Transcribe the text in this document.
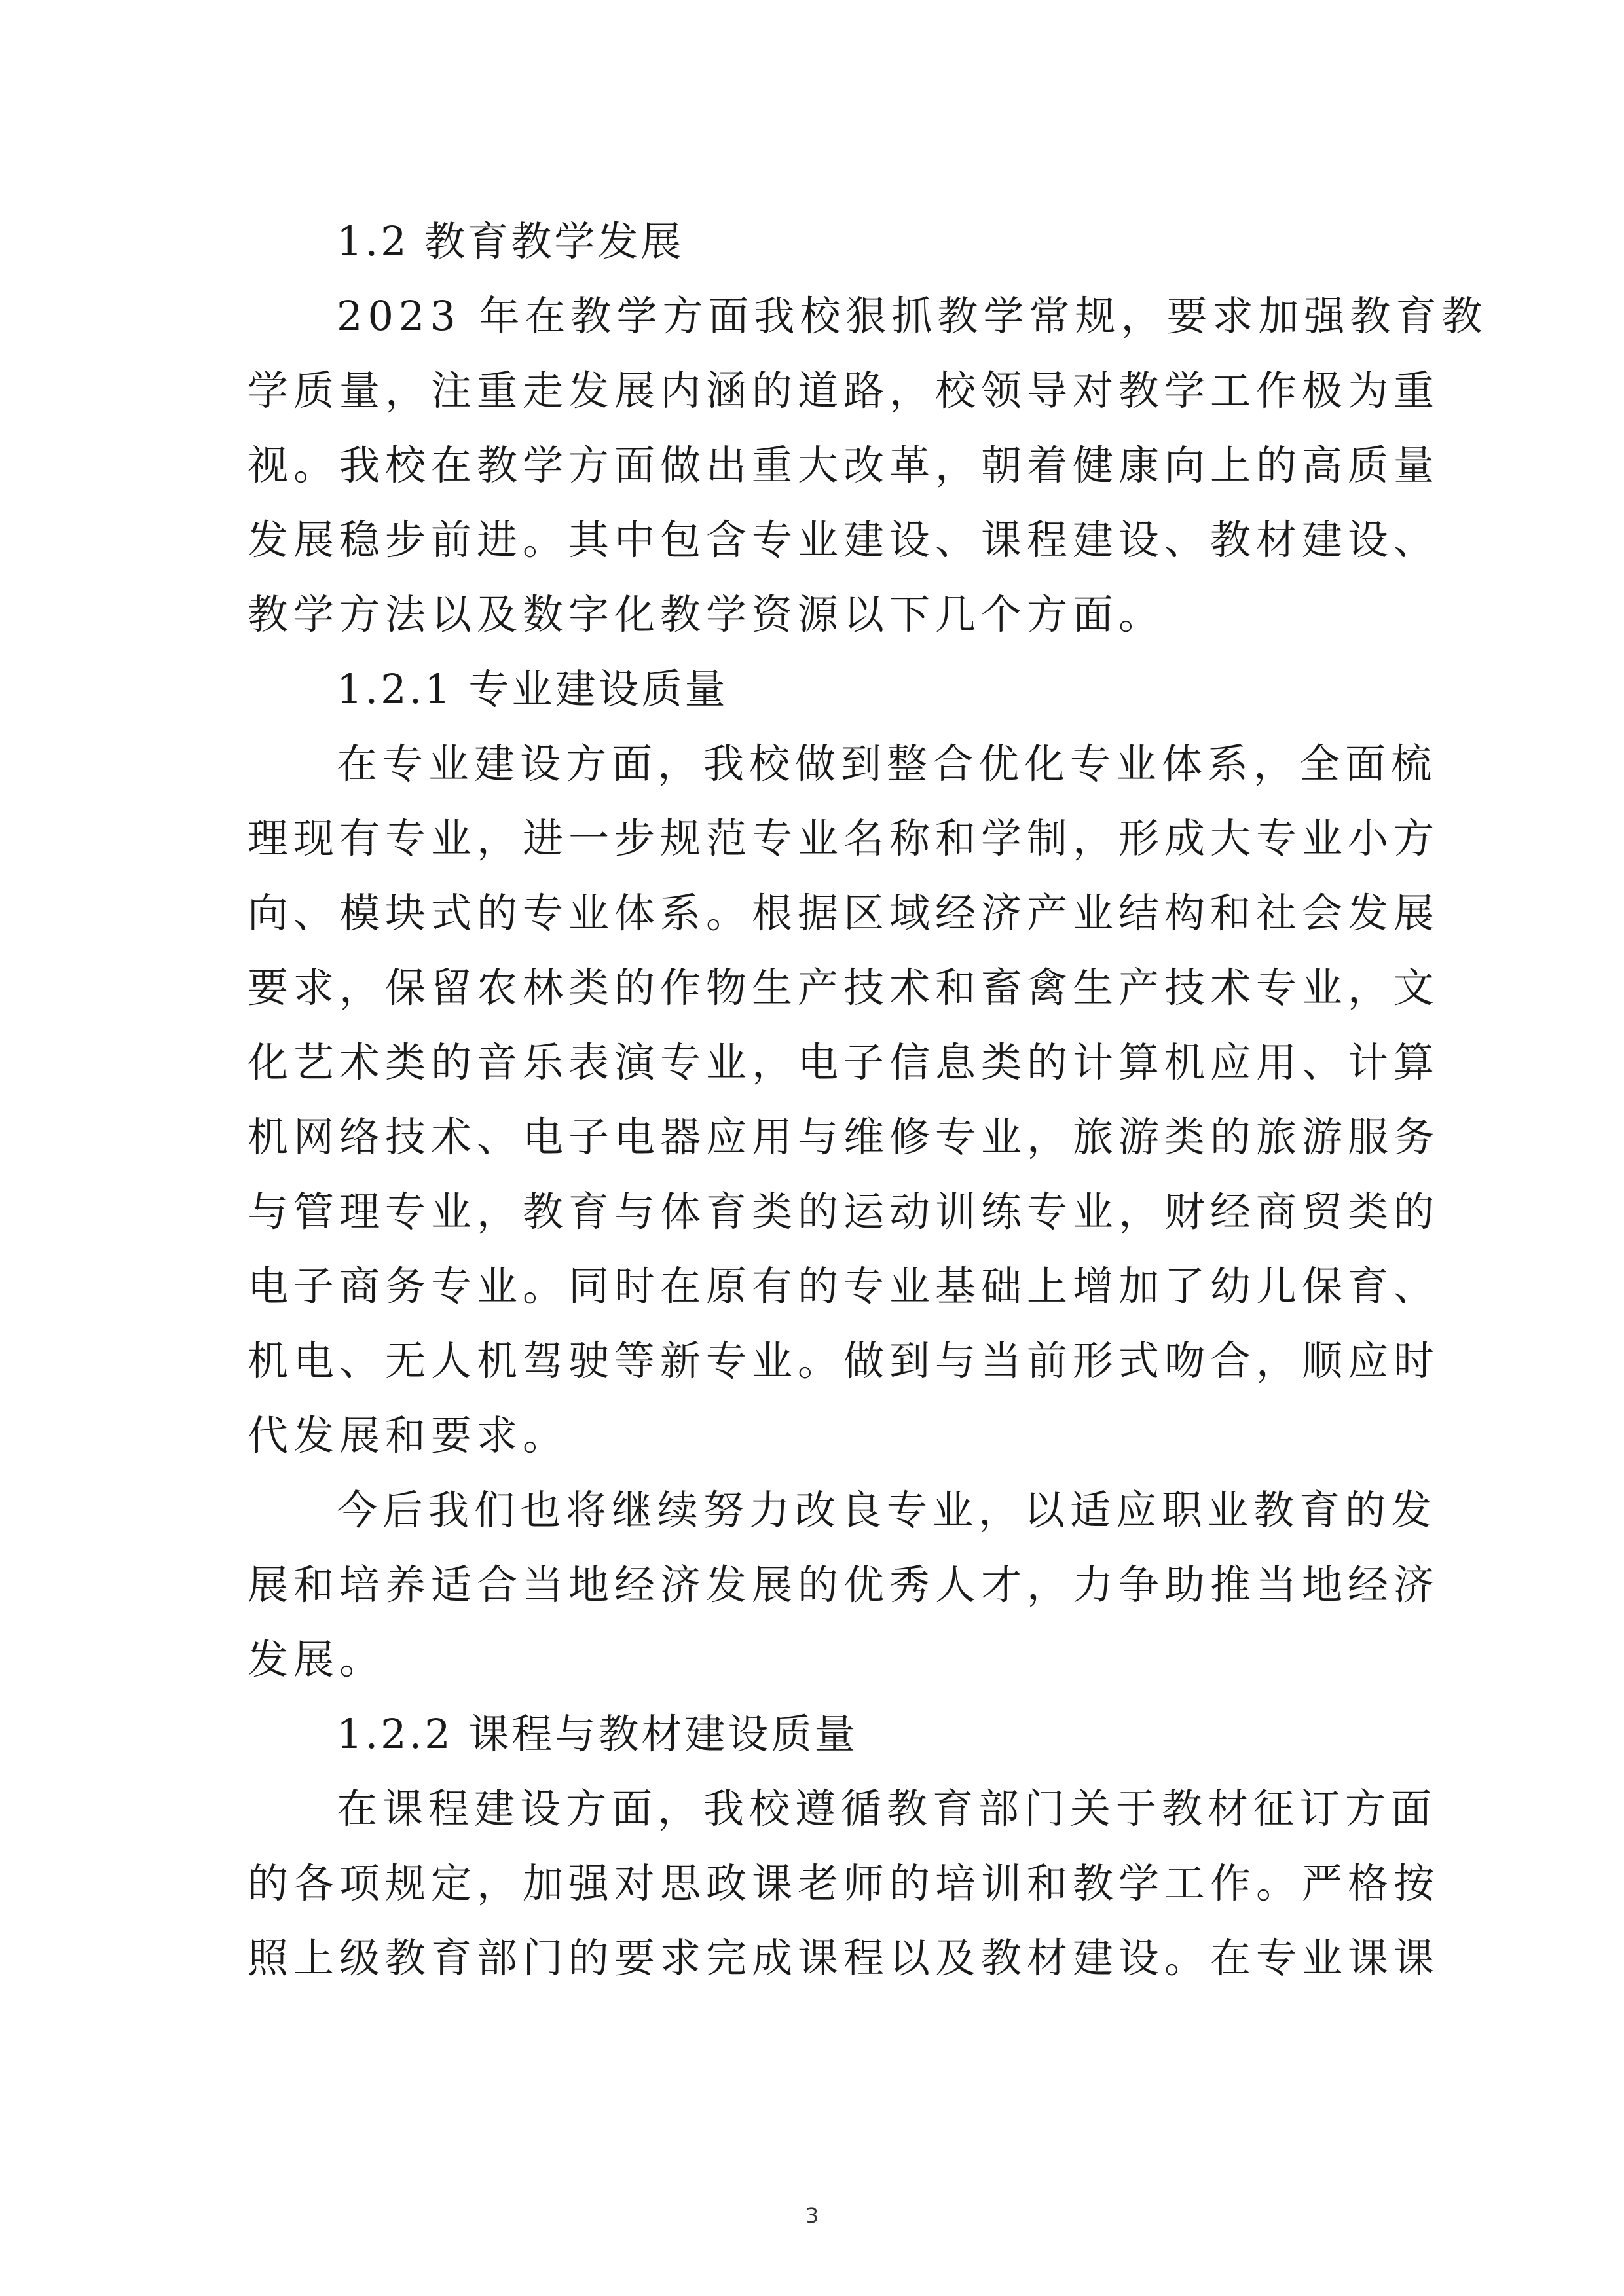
1.2 教育教学发展
2023 年在教学方面我校狠抓教学常规，要求加强教育教
学质量，注重走发展内涵的道路，校领导对教学工作极为重
视。我校在教学方面做出重大改革，朝着健康向上的高质量
发展稳步前进。其中包含专业建设、课程建设、教材建设、
教学方法以及数字化教学资源以下几个方面。
1.2.1 专业建设质量
在专业建设方面，我校做到整合优化专业体系，全面梳
理现有专业，进一步规范专业名称和学制，形成大专业小方
向、模块式的专业体系。根据区域经济产业结构和社会发展
要求，保留农林类的作物生产技术和畜禽生产技术专业，文
化艺术类的音乐表演专业，电子信息类的计算机应用、计算
机网络技术、电子电器应用与维修专业，旅游类的旅游服务
与管理专业，教育与体育类的运动训练专业，财经商贸类的
电子商务专业。同时在原有的专业基础上增加了幼儿保育、
机电、无人机驾驶等新专业。做到与当前形式吻合，顺应时
代发展和要求。
今后我们也将继续努力改良专业，以适应职业教育的发
展和培养适合当地经济发展的优秀人才，力争助推当地经济
发展。
1.2.2 课程与教材建设质量
在课程建设方面，我校遵循教育部门关于教材征订方面
的各项规定，加强对思政课老师的培训和教学工作。严格按
照上级教育部门的要求完成课程以及教材建设。在专业课课
3
